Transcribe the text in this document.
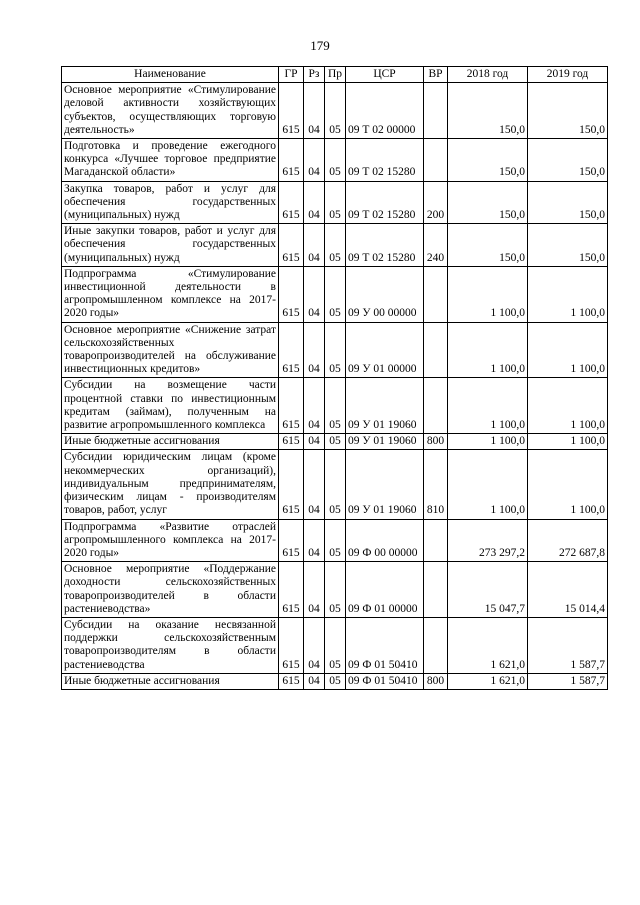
179
Наименование	ГР	Рз	Пр	ЦСР	ВР	2018 год	2019 год
Основное мероприятие «Стимулирование деловой активности хозяйствующих субъектов, осуществляющих торговую деятельность»	615	04	05	09 Т 02 00000		150,0	150,0
Подготовка и проведение ежегодного конкурса «Лучшее торговое предприятие Магаданской области»	615	04	05	09 Т 02 15280		150,0	150,0
Закупка товаров, работ и услуг для обеспечения государственных (муниципальных) нужд	615	04	05	09 Т 02 15280	200	150,0	150,0
Иные закупки товаров, работ и услуг для обеспечения государственных (муниципальных) нужд	615	04	05	09 Т 02 15280	240	150,0	150,0
Подпрограмма «Стимулирование инвестиционной деятельности в агропромышленном комплексе на 2017-2020 годы»	615	04	05	09 У 00 00000		1 100,0	1 100,0
Основное мероприятие «Снижение затрат сельскохозяйственных товаропроизводителей на обслуживание инвестиционных кредитов»	615	04	05	09 У 01 00000		1 100,0	1 100,0
Субсидии на возмещение части процентной ставки по инвестиционным кредитам (займам), полученным на развитие агропромышленного комплекса	615	04	05	09 У 01 19060		1 100,0	1 100,0
Иные бюджетные ассигнования	615	04	05	09 У 01 19060	800	1 100,0	1 100,0
Субсидии юридическим лицам (кроме некоммерческих организаций), индивидуальным предпринимателям, физическим лицам - производителям товаров, работ, услуг	615	04	05	09 У 01 19060	810	1 100,0	1 100,0
Подпрограмма «Развитие отраслей агропромышленного комплекса на 2017-2020 годы»	615	04	05	09 Ф 00 00000		273 297,2	272 687,8
Основное мероприятие «Поддержание доходности сельскохозяйственных товаропроизводителей в области растениеводства»	615	04	05	09 Ф 01 00000		15 047,7	15 014,4
Субсидии на оказание несвязанной поддержки сельскохозяйственным товаропроизводителям в области растениеводства	615	04	05	09 Ф 01 50410		1 621,0	1 587,7
Иные бюджетные ассигнования	615	04	05	09 Ф 01 50410	800	1 621,0	1 587,7
